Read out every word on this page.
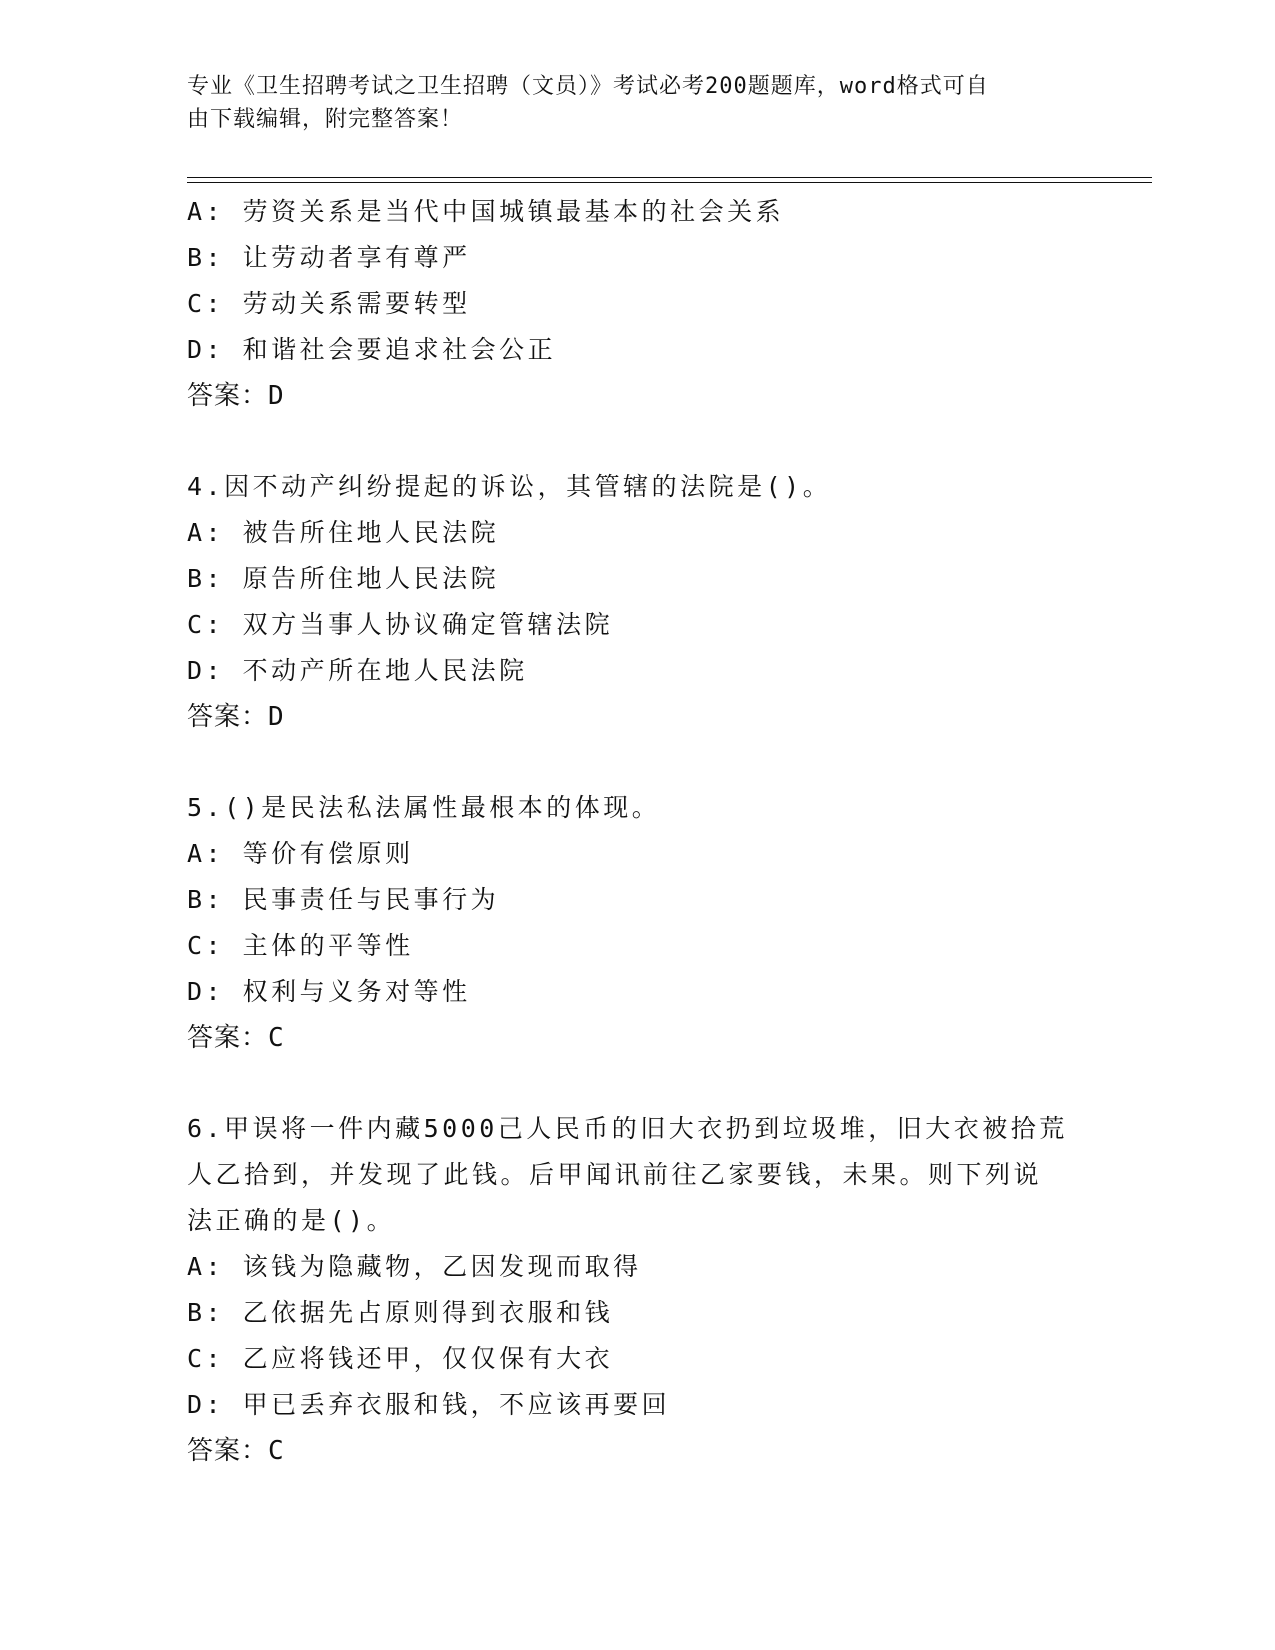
专业《卫生招聘考试之卫生招聘（文员）》考试必考200题题库，word格式可自
由下载编辑，附完整答案！
A: 劳资关系是当代中国城镇最基本的社会关系
B: 让劳动者享有尊严
C: 劳动关系需要转型
D: 和谐社会要追求社会公正
答案：D
4.因不动产纠纷提起的诉讼，其管辖的法院是()。
A: 被告所住地人民法院
B: 原告所住地人民法院
C: 双方当事人协议确定管辖法院
D: 不动产所在地人民法院
答案：D
5.()是民法私法属性最根本的体现。
A: 等价有偿原则
B: 民事责任与民事行为
C: 主体的平等性
D: 权利与义务对等性
答案：C
6.甲误将一件内藏5000己人民币的旧大衣扔到垃圾堆，旧大衣被拾荒
人乙拾到，并发现了此钱。后甲闻讯前往乙家要钱，未果。则下列说
法正确的是()。
A: 该钱为隐藏物，乙因发现而取得
B: 乙依据先占原则得到衣服和钱
C: 乙应将钱还甲，仅仅保有大衣
D: 甲已丢弃衣服和钱，不应该再要回
答案：C
